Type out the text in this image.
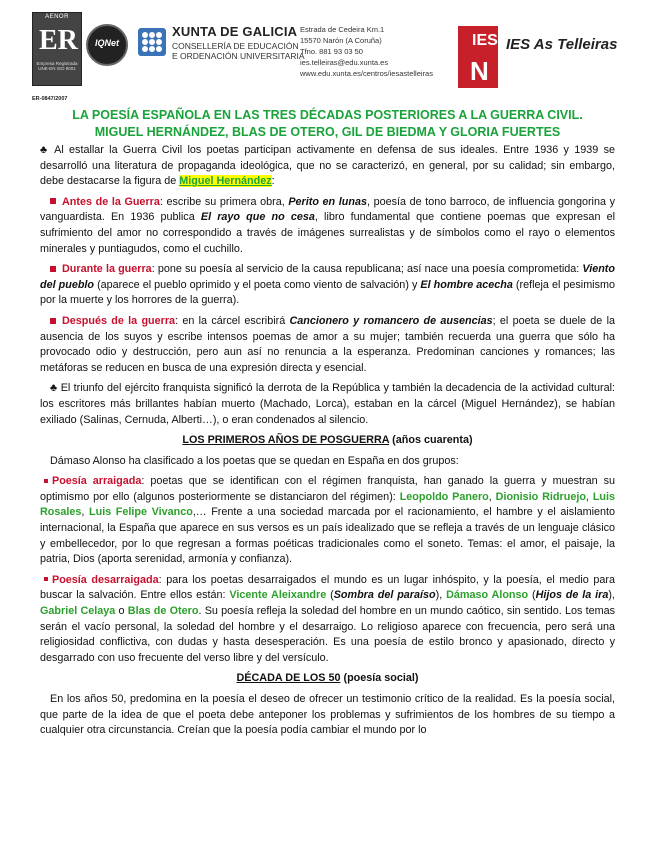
AENOR
ER
Empresa Registrada UNE-EN ISO 9001
ER-0847/2007
IQNet
XUNTA DE GALICIA
CONSELLERÍA DE EDUCACIÓN
E ORDENACIÓN UNIVERSITARIA
Estrada de Cedeira Km.1
15570 Narón (A Coruña)
Tfno. 881 93 03 50
ies.telleiras@edu.xunta.es
www.edu.xunta.es/centros/iesastelleiras
IES
N
IES As Telleiras
LA POESÍA ESPAÑOLA EN LAS TRES DÉCADAS POSTERIORES A LA GUERRA CIVIL.
MIGUEL HERNÁNDEZ, BLAS DE OTERO, GIL DE BIEDMA Y GLORIA FUERTES

♣ Al estallar la Guerra Civil los poetas participan activamente en defensa de sus ideales. Entre 1936 y 1939 se desarrolló una literatura de propaganda ideológica, que no se caracterizó, en general, por su calidad; sin embargo, debe destacarse la figura de Miguel Hernández:

Antes de la Guerra: escribe su primera obra, Perito en lunas, poesía de tono barroco, de influencia gongorina y vanguardista. En 1936 publica El rayo que no cesa, libro fundamental que contiene poemas que expresan el sufrimiento del amor no correspondido a través de imágenes surrealistas y de símbolos como el rayo o elementos minerales y puntiagudos, como el cuchillo.

Durante la guerra: pone su poesía al servicio de la causa republicana; así nace una poesía comprometida: Viento del pueblo (aparece el pueblo oprimido y el poeta como viento de salvación) y El hombre acecha (refleja el pesimismo por la muerte y los horrores de la guerra).

Después de la guerra: en la cárcel escribirá Cancionero y romancero de ausencias; el poeta se duele de la ausencia de los suyos y escribe intensos poemas de amor a su mujer; también recuerda una guerra que sólo ha provocado odio y destrucción, pero aun así no renuncia a la esperanza. Predominan canciones y romances; las metáforas se reducen en busca de una expresión directa y esencial.

♣ El triunfo del ejército franquista significó la derrota de la República y también la decadencia de la actividad cultural: los escritores más brillantes habían muerto (Machado, Lorca), estaban en la cárcel (Miguel Hernández), se habían exiliado (Salinas, Cernuda, Alberti…), o eran condenados al silencio.

LOS PRIMEROS AÑOS DE POSGUERRA (años cuarenta)

Dámaso Alonso ha clasificado a los poetas que se quedan en España en dos grupos:

Poesía arraigada: poetas que se identifican con el régimen franquista, han ganado la guerra y muestran su optimismo por ello (algunos posteriormente se distanciaron del régimen): Leopoldo Panero, Dionisio Ridruejo, Luis Rosales, Luis Felipe Vivanco,… Frente a una sociedad marcada por el racionamiento, el hambre y el aislamiento internacional, la España que aparece en sus versos es un país idealizado que se refleja a través de un lenguaje clásico y embellecedor, por lo que regresan a formas poéticas tradicionales como el soneto. Temas: el amor, el paisaje, la patria, Dios (aporta serenidad, armonía y confianza).

Poesía desarraigada: para los poetas desarraigados el mundo es un lugar inhóspito, y la poesía, el medio para buscar la salvación. Entre ellos están: Vicente Aleixandre (Sombra del paraíso), Dámaso Alonso (Hijos de la ira), Gabriel Celaya o Blas de Otero. Su poesía refleja la soledad del hombre en un mundo caótico, sin sentido. Los temas serán el vacío personal, la soledad del hombre y el desarraigo. Lo religioso aparece con frecuencia, pero será una religiosidad conflictiva, con dudas y hasta desesperación. Es una poesía de estilo bronco y apasionado, directo y desgarrado con uso frecuente del verso libre y del versículo.

DÉCADA DE LOS 50 (poesía social)

En los años 50, predomina en la poesía el deseo de ofrecer un testimonio crítico de la realidad. Es la poesía social, que parte de la idea de que el poeta debe anteponer los problemas y sufrimientos de los hombres de su tiempo a cualquier otra circunstancia. Creían que la poesía podía cambiar el mundo por lo
